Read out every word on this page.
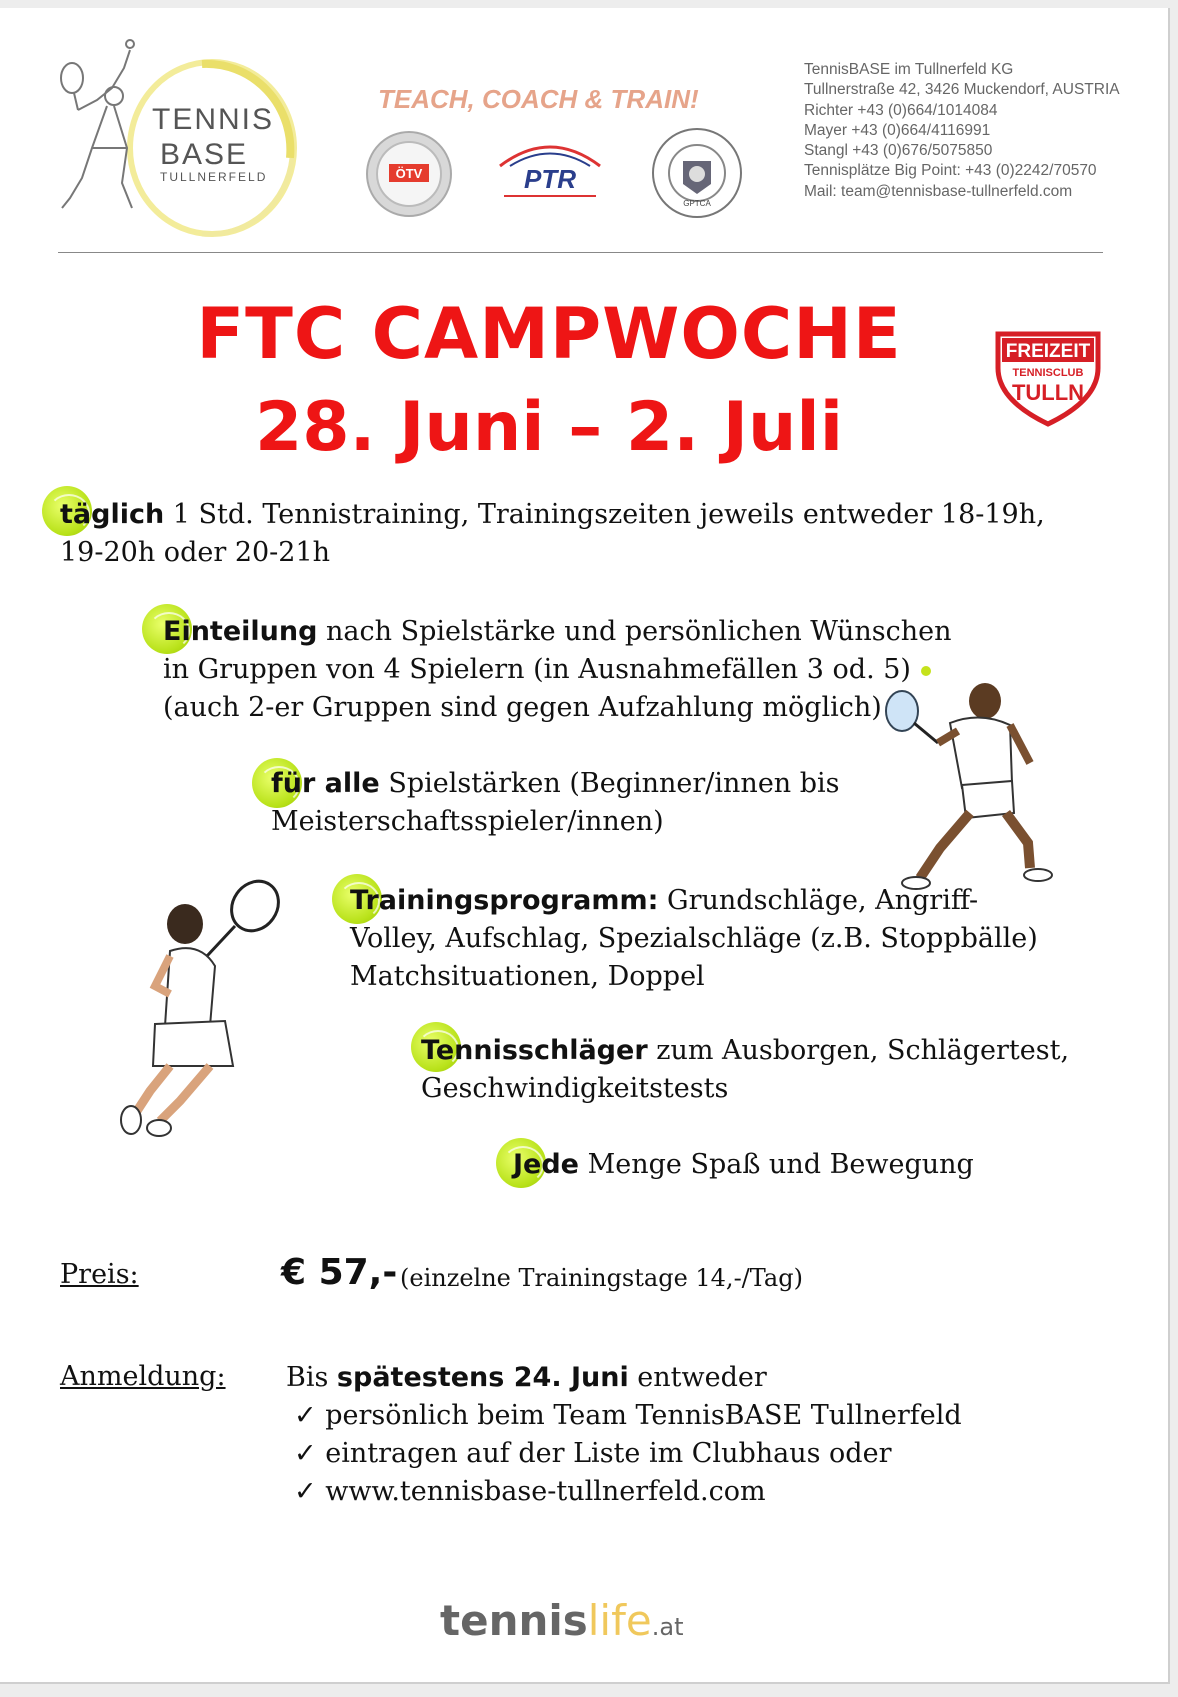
TENNIS
BASE
TULLNERFELD
TEACH, COACH & TRAIN!
ÖTV	PTR
GPTCA
TennisBASE im Tullnerfeld KG
Tullnerstraße 42, 3426 Muckendorf, AUSTRIA
Richter +43 (0)664/1014084
Mayer +43 (0)664/4116991
Stangl +43 (0)676/5075850
Tennisplätze Big Point: +43 (0)2242/70570
Mail: team@tennisbase-tullnerfeld.com
FTC CAMPWOCHE
28. Juni – 2. Juli
FREIZEIT
TENNISCLUB
TULLN
täglich 1 Std. Tennistraining, Trainingszeiten jeweils entweder 18-19h,
19-20h oder 20-21h
Einteilung nach Spielstärke und persönlichen Wünschen
in Gruppen von 4 Spielern (in Ausnahmefällen 3 od. 5)
(auch 2-er Gruppen sind gegen Aufzahlung möglich)
für alle Spielstärken (Beginner/innen bis
Meisterschaftsspieler/innen)
Trainingsprogramm: Grundschläge, Angriff-
Volley, Aufschlag, Spezialschläge (z.B. Stoppbälle)
Matchsituationen, Doppel
Tennisschläger zum Ausborgen, Schlägertest,
Geschwindigkeitstests
Jede Menge Spaß und Bewegung
Preis:	€ 57,- (einzelne Trainingstage 14,-/Tag)
Anmeldung: Bis spätestens 24. Juni entweder
✓ persönlich beim Team TennisBASE Tullnerfeld
✓ eintragen auf der Liste im Clubhaus oder
✓ www.tennisbase-tullnerfeld.com
tennislife.at
